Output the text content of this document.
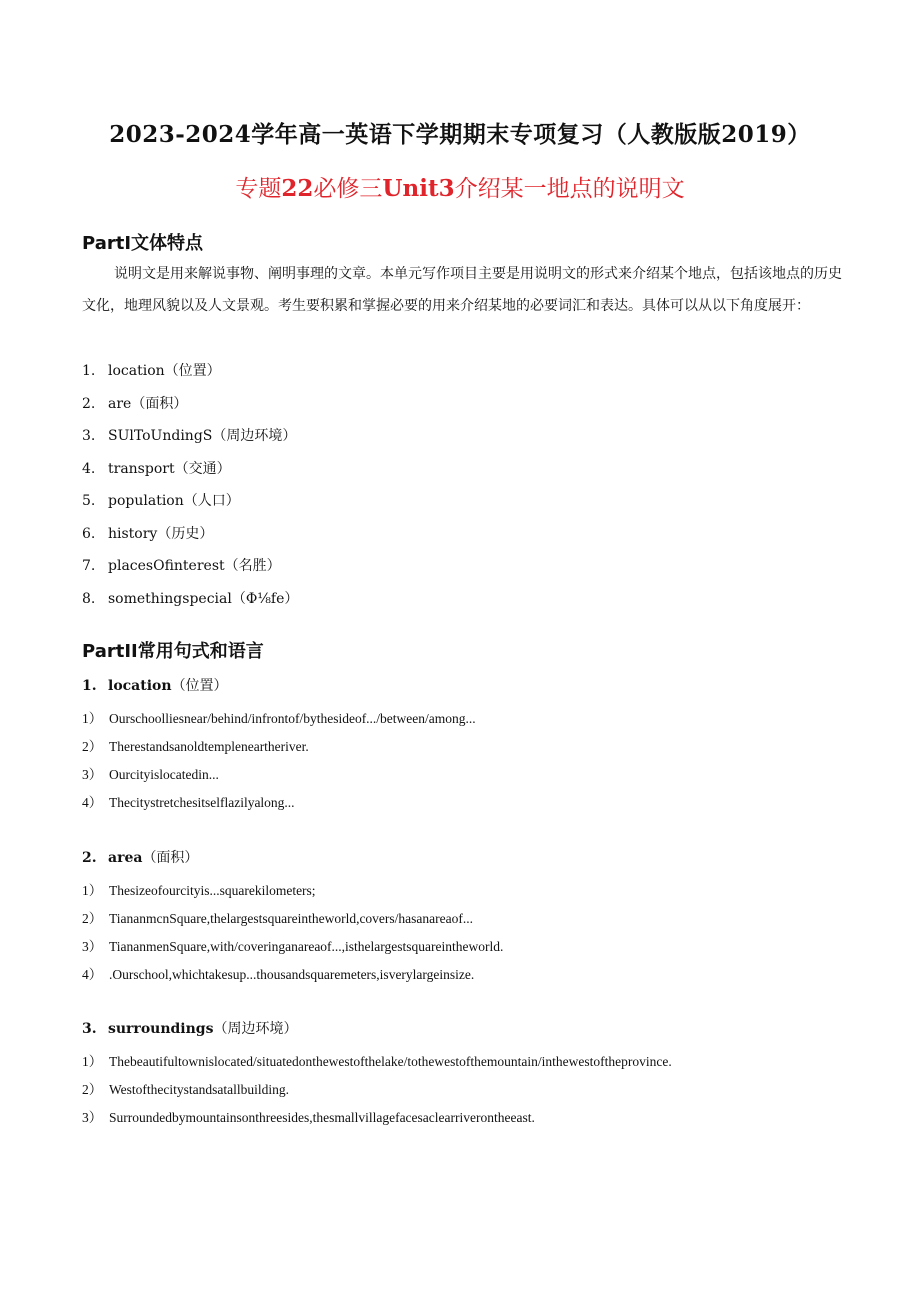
2023-2024学年高一英语下学期期末专项复习（人教版版2019）
专题22必修三Unit3介绍某一地点的说明文
PartI文体特点
说明文是用来解说事物、阐明事理的文章。本单元写作项目主要是用说明文的形式来介绍某个地点，包括该地点的历史文化，地理风貌以及人文景观。考生要积累和掌握必要的用来介绍某地的必要词汇和表达。具体可以从以下角度展开：
1. location（位置）
2. are（面积）
3. SUlToUndingS（周边环境）
4. transport（交通）
5. population（人口）
6. history（历史）
7. placesOfinterest（名胜）
8. somethingspecial（Φ⅛fe）
PartII常用句式和语言
1. location（位置）
1） Ourschoolliesnear/behind/infrontof/bythesideof.../between/among...
2） Therestandsanoldtempleneartheriver.
3） Ourcityislocatedin...
4） Thecitystretchesitselflazilyalong...
2. area（面积）
1） Thesizeofourcityis...squarekilometers;
2） TiananmcnSquare,thelargestsquareintheworld,covers/hasanareaof...
3） TiananmenSquare,with/coveringanareaof...,isthelargestsquareintheworld.
4） .Ourschool,whichtakesup...thousandsquaremeters,isverylargeinsize.
3. surroundings（周边环境）
1） Thebeautifultownislocated/situatedonthewestofthelake/tothewestofthemountain/inthewestoftheprovince.
2） Westofthecitystandsatallbuilding.
3） Surroundedbymountainsonthreesides,thesmallvillagefacesaclearriverontheeast.
